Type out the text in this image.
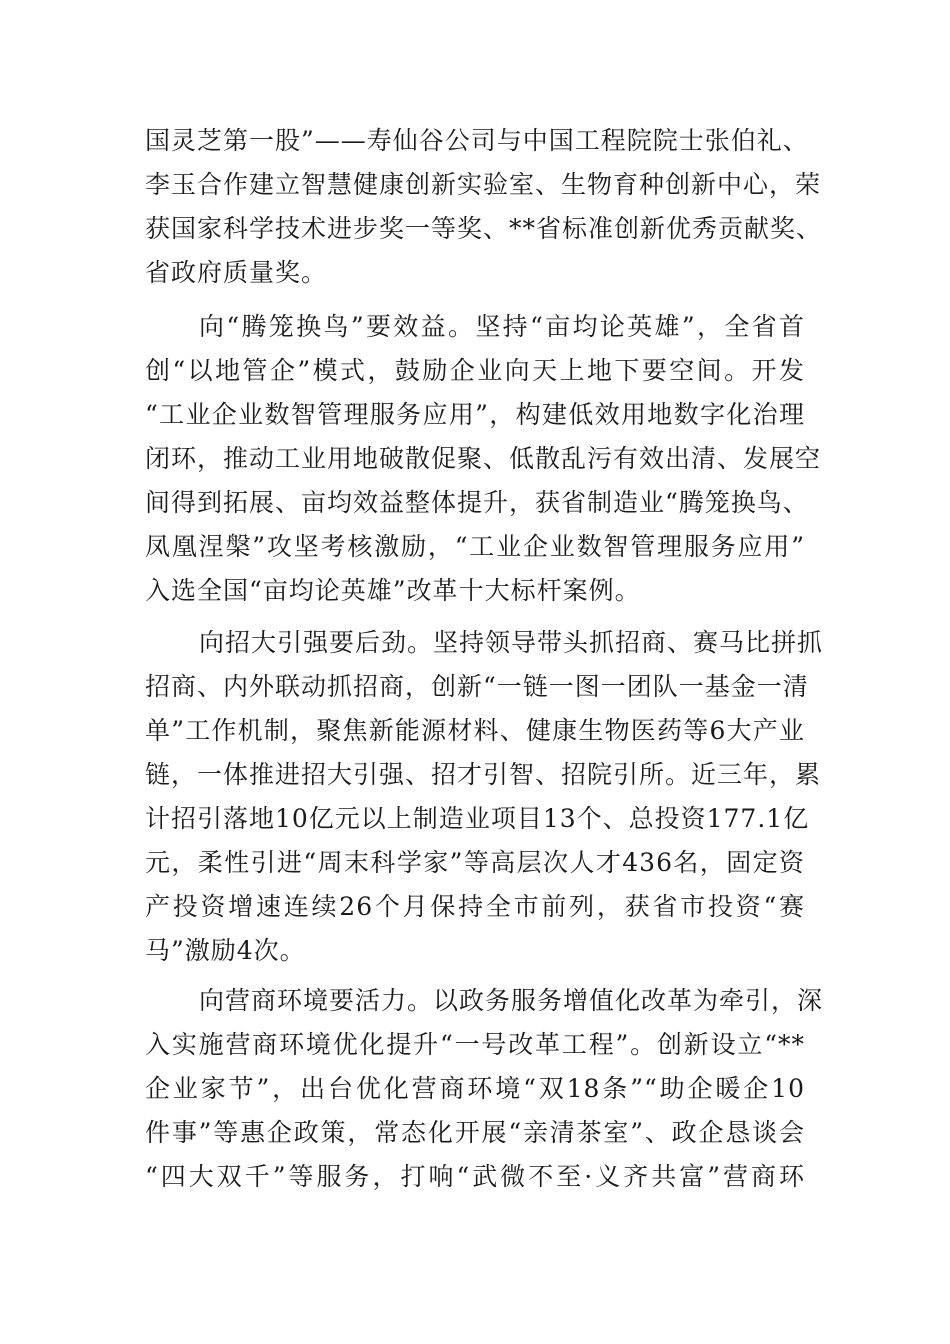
国灵芝第一股”——寿仙谷公司与中国工程院院士张伯礼、
李玉合作建立智慧健康创新实验室、生物育种创新中心，荣
获国家科学技术进步奖一等奖、**省标准创新优秀贡献奖、
省政府质量奖。
向“腾笼换鸟”要效益。坚持“亩均论英雄”，全省首
创“以地管企”模式，鼓励企业向天上地下要空间。开发
“工业企业数智管理服务应用”，构建低效用地数字化治理
闭环，推动工业用地破散促聚、低散乱污有效出清、发展空
间得到拓展、亩均效益整体提升，获省制造业“腾笼换鸟、
凤凰涅槃”攻坚考核激励，“工业企业数智管理服务应用”
入选全国“亩均论英雄”改革十大标杆案例。
向招大引强要后劲。坚持领导带头抓招商、赛马比拼抓
招商、内外联动抓招商，创新“一链一图一团队一基金一清
单”工作机制，聚焦新能源材料、健康生物医药等6大产业
链，一体推进招大引强、招才引智、招院引所。近三年，累
计招引落地10亿元以上制造业项目13个、总投资177.1亿
元，柔性引进“周末科学家”等高层次人才436名，固定资
产投资增速连续26个月保持全市前列，获省市投资“赛
马”激励4次。
向营商环境要活力。以政务服务增值化改革为牵引，深
入实施营商环境优化提升“一号改革工程”。创新设立“**
企业家节”，出台优化营商环境“双18条”“助企暖企10
件事”等惠企政策，常态化开展“亲清茶室”、政企恳谈会
“四大双千”等服务，打响“武微不至·义齐共富”营商环
